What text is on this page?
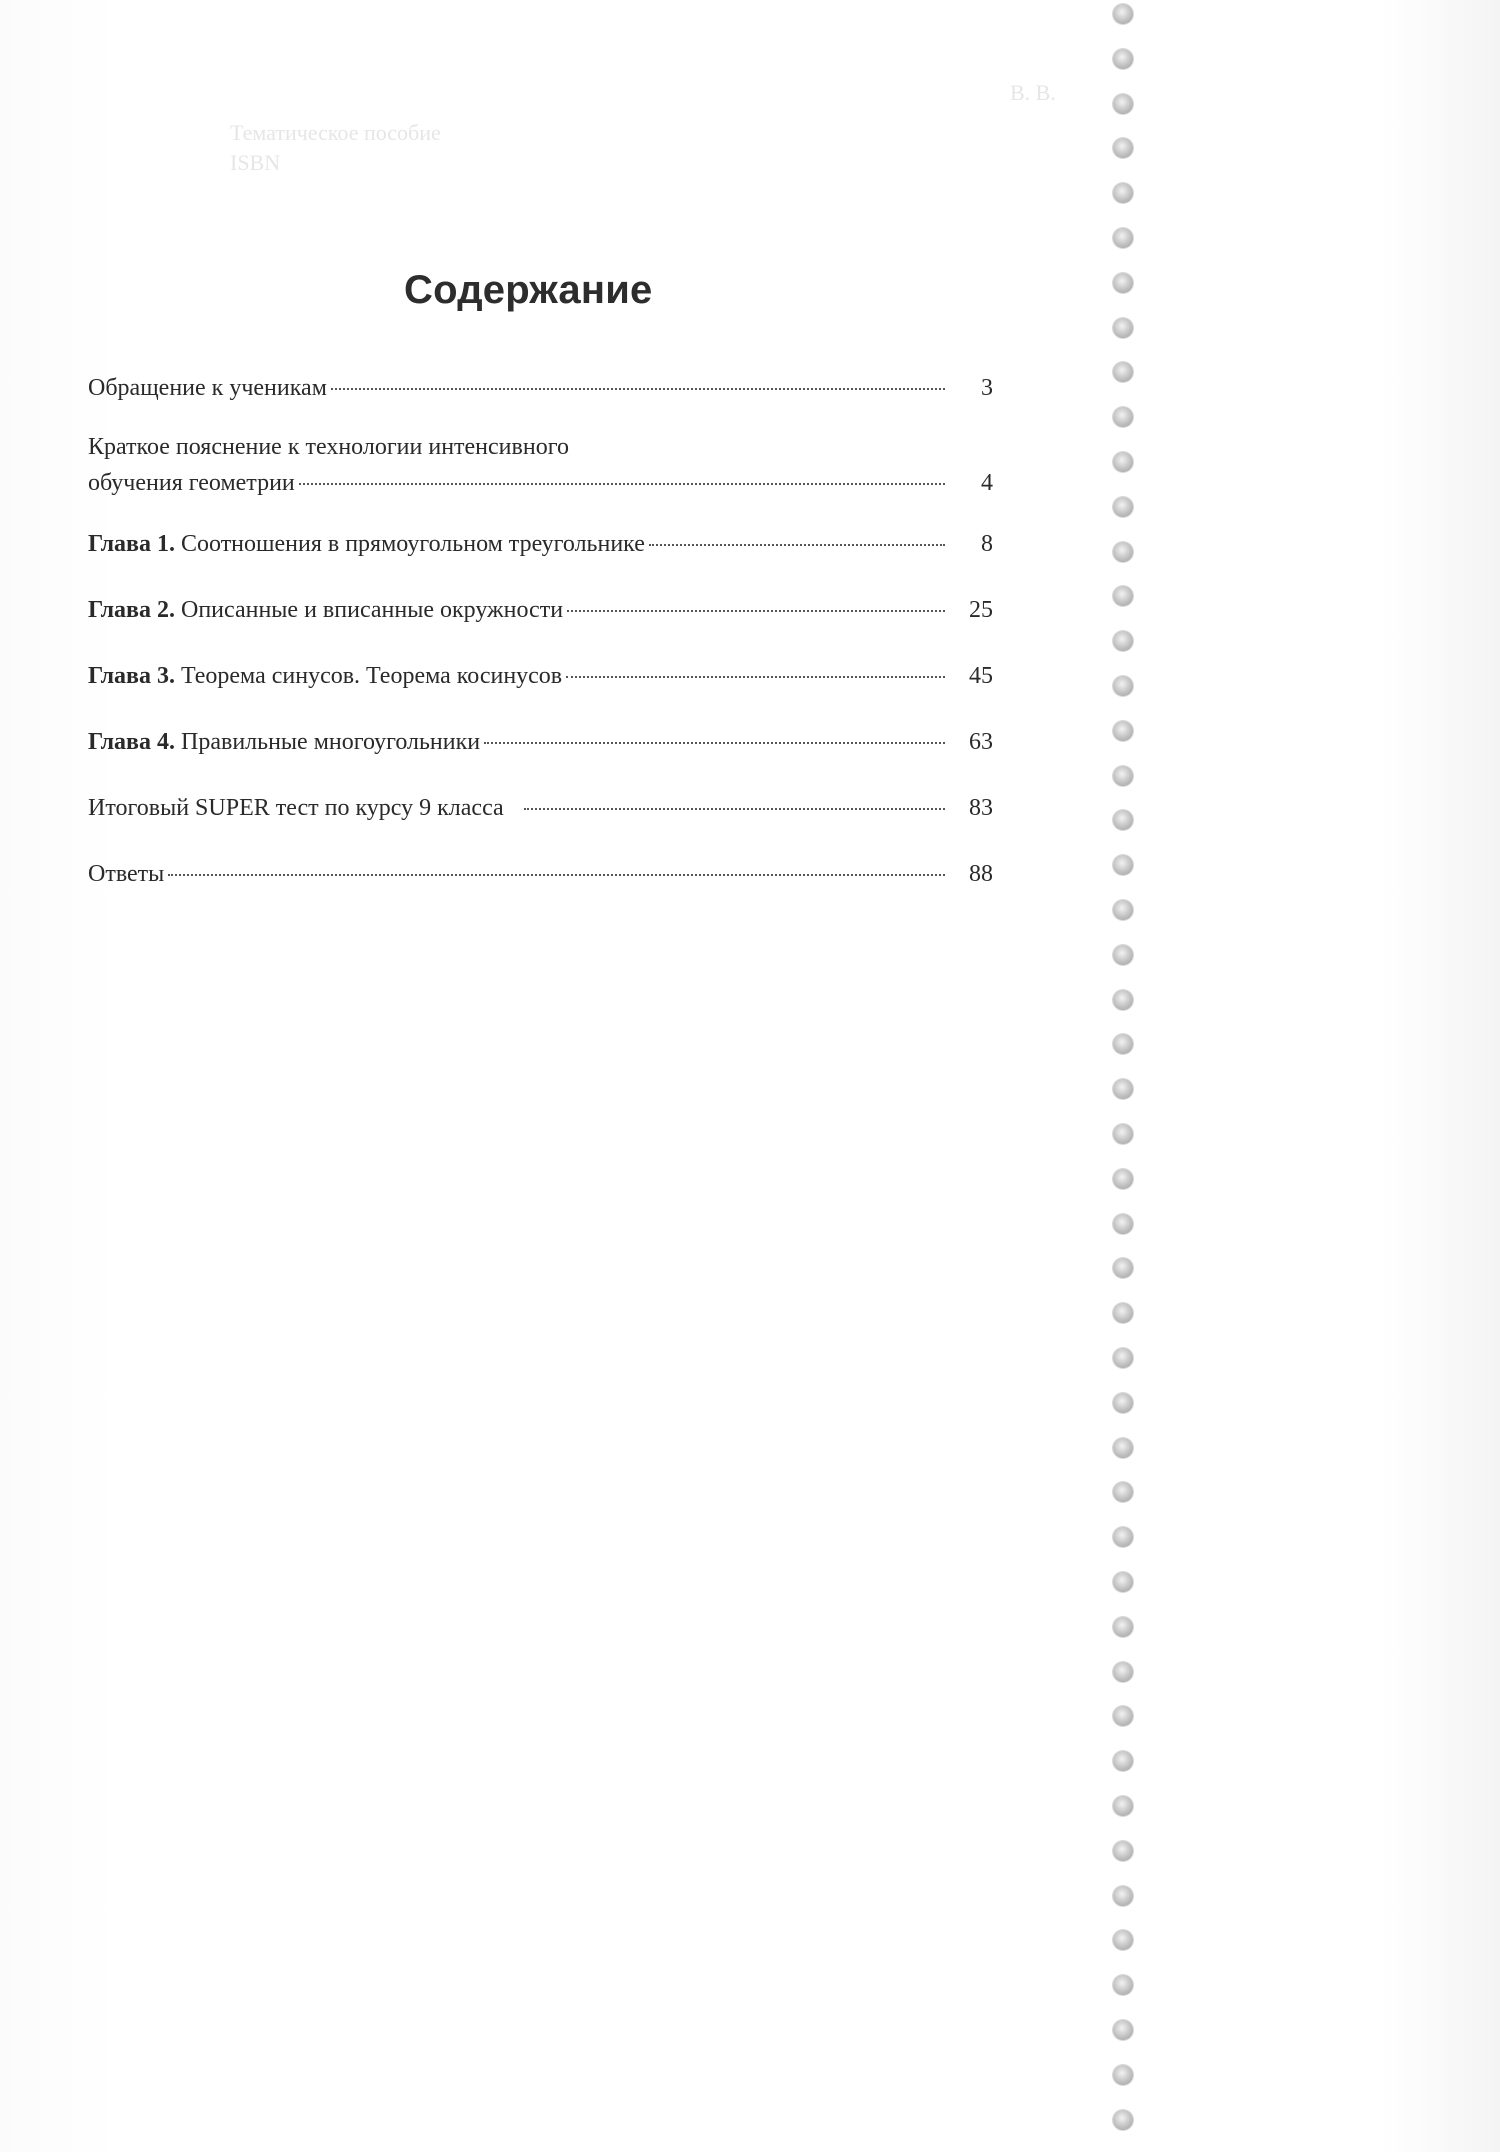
В. В.
Тематическое пособие
ISBN
Содержание
Обращение к ученикам	3
Краткое пояснение к технологии интенсивного
обучения геометрии	4
Глава 1. Соотношения в прямоугольном треугольнике	8
Глава 2. Описанные и вписанные окружности	25
Глава 3. Теорема синусов. Теорема косинусов	45
Глава 4. Правильные многоугольники	63
Итоговый SUPER тест по курсу 9 класса	83
Ответы	88
